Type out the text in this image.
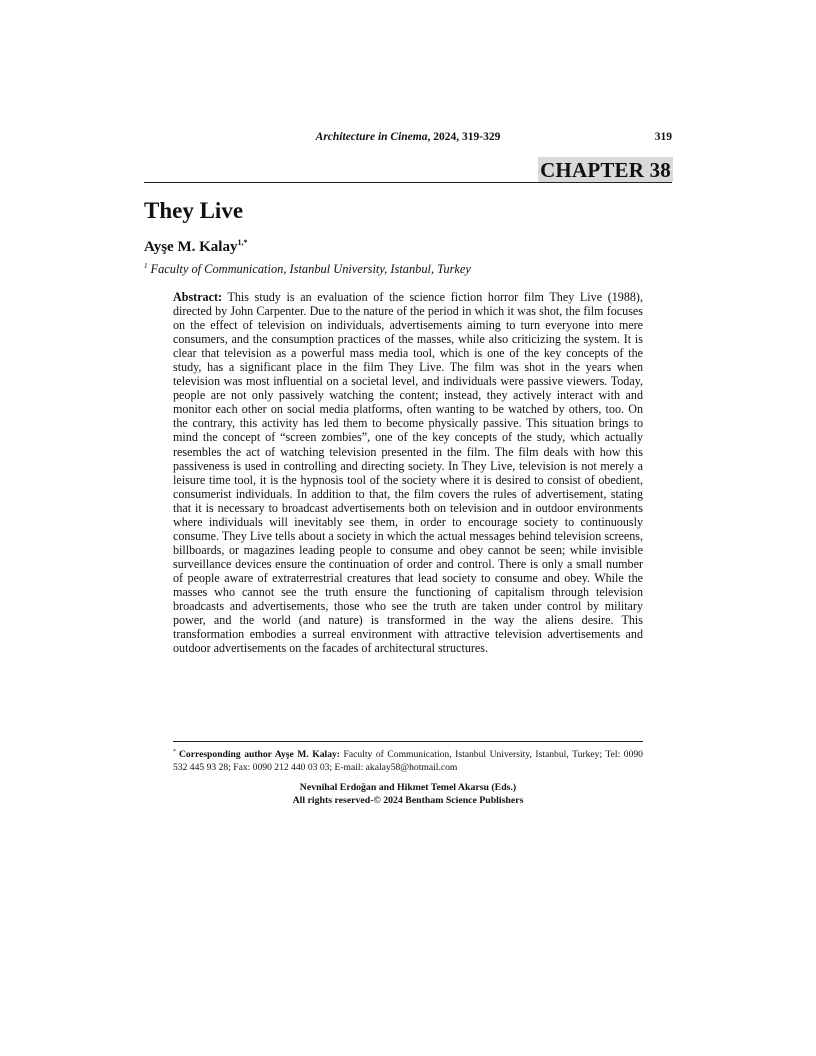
Architecture in Cinema, 2024, 319-329	319
CHAPTER 38
They Live
Ayşe M. Kalay$^{1,*}$
$^1$ Faculty of Communication, Istanbul University, Istanbul, Turkey

Abstract: This study is an evaluation of the science fiction horror film They Live (1988), directed by John Carpenter. Due to the nature of the period in which it was shot, the film focuses on the effect of television on individuals, advertisements aiming to turn everyone into mere consumers, and the consumption practices of the masses, while also criticizing the system. It is clear that television as a powerful mass media tool, which is one of the key concepts of the study, has a significant place in the film They Live. The film was shot in the years when television was most influential on a societal level, and individuals were passive viewers. Today, people are not only passively watching the content; instead, they actively interact with and monitor each other on social media platforms, often wanting to be watched by others, too. On the contrary, this activity has led them to become physically passive. This situation brings to mind the concept of “screen zombies”, one of the key concepts of the study, which actually resembles the act of watching television presented in the film. The film deals with how this passiveness is used in controlling and directing society. In They Live, television is not merely a leisure time tool, it is the hypnosis tool of the society where it is desired to consist of obedient, consumerist individuals. In addition to that, the film covers the rules of advertisement, stating that it is necessary to broadcast advertisements both on television and in outdoor environments where individuals will inevitably see them, in order to encourage society to continuously consume. They Live tells about a society in which the actual messages behind television screens, billboards, or magazines leading people to consume and obey cannot be seen; while invisible surveillance devices ensure the continuation of order and control. There is only a small number of people aware of extraterrestrial creatures that lead society to consume and obey. While the masses who cannot see the truth ensure the functioning of capitalism through television broadcasts and advertisements, those who see the truth are taken under control by military power, and the world (and nature) is transformed in the way the aliens desire. This transformation embodies a surreal environment with attractive television advertisements and outdoor advertisements on the facades of architectural structures.

* Corresponding author Ayşe M. Kalay: Faculty of Communication, Istanbul University, Istanbul, Turkey; Tel: 0090 532 445 93 28; Fax: 0090 212 440 03 03; E-mail: akalay58@hotmail.com

Nevnihal Erdoğan and Hikmet Temel Akarsu (Eds.)
All rights reserved-© 2024 Bentham Science Publishers
